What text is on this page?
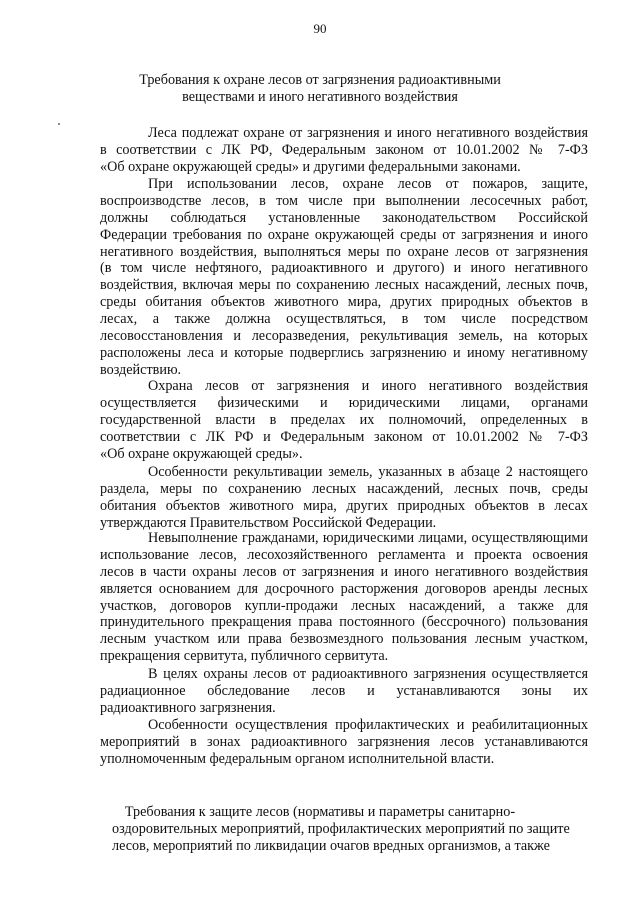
90
Требования к охране лесов от загрязнения радиоактивными
веществами и иного негативного воздействия
Леса подлежат охране от загрязнения и иного негативного воздействия
в соответствии с ЛК РФ, Федеральным законом от 10.01.2002 № 7-ФЗ
«Об охране окружающей среды» и другими федеральными законами.
При использовании лесов, охране лесов от пожаров, защите,
воспроизводстве лесов, в том числе при выполнении лесосечных работ,
должны соблюдаться установленные законодательством Российской
Федерации требования по охране окружающей среды от загрязнения и иного
негативного воздействия, выполняться меры по охране лесов от загрязнения
(в том числе нефтяного, радиоактивного и другого) и иного негативного
воздействия, включая меры по сохранению лесных насаждений, лесных почв,
среды обитания объектов животного мира, других природных объектов в
лесах, а также должна осуществляться, в том числе посредством
лесовосстановления и лесоразведения, рекультивация земель, на которых
расположены леса и которые подверглись загрязнению и иному негативному
воздействию.
Охрана лесов от загрязнения и иного негативного воздействия
осуществляется физическими и юридическими лицами, органами
государственной власти в пределах их полномочий, определенных в
соответствии с ЛК РФ и Федеральным законом от 10.01.2002 № 7-ФЗ
«Об охране окружающей среды».
Особенности рекультивации земель, указанных в абзаце 2 настоящего
раздела, меры по сохранению лесных насаждений, лесных почв, среды
обитания объектов животного мира, других природных объектов в лесах
утверждаются Правительством Российской Федерации.
Невыполнение гражданами, юридическими лицами, осуществляющими
использование лесов, лесохозяйственного регламента и проекта освоения
лесов в части охраны лесов от загрязнения и иного негативного воздействия
является основанием для досрочного расторжения договоров аренды лесных
участков, договоров купли-продажи лесных насаждений, а также для
принудительного прекращения права постоянного (бессрочного) пользования
лесным участком или права безвозмездного пользования лесным участком,
прекращения сервитута, публичного сервитута.
В целях охраны лесов от радиоактивного загрязнения осуществляется
радиационное обследование лесов и устанавливаются зоны их
радиоактивного загрязнения.
Особенности осуществления профилактических и реабилитационных
мероприятий в зонах радиоактивного загрязнения лесов устанавливаются
уполномоченным федеральным органом исполнительной власти.
Требования к защите лесов (нормативы и параметры санитарно-
оздоровительных мероприятий, профилактических мероприятий по защите
лесов, мероприятий по ликвидации очагов вредных организмов, а также
